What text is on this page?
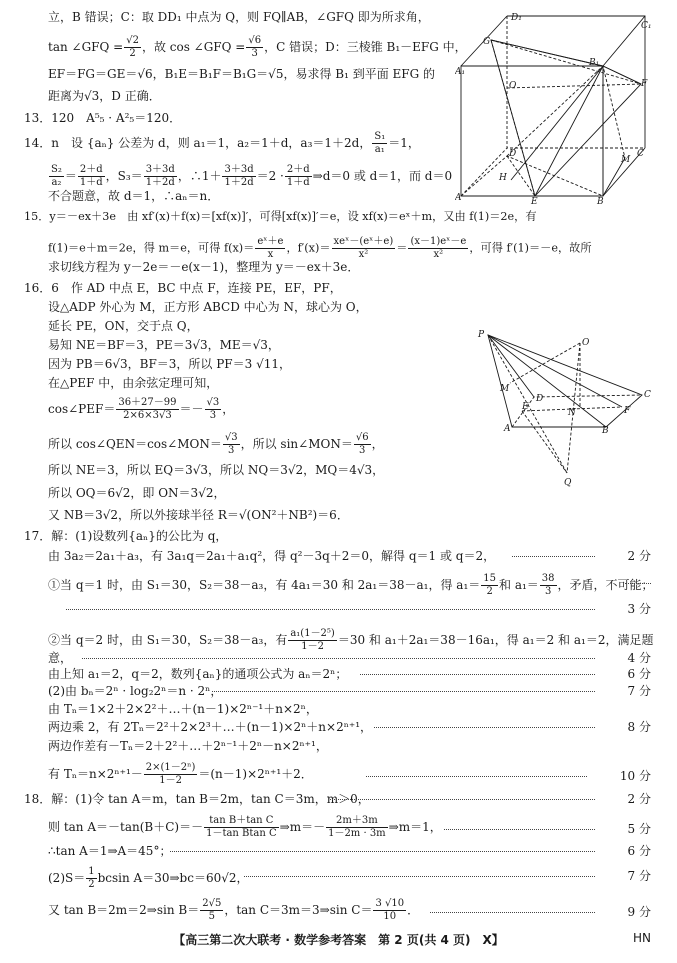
D₁
C₁
G
B₁
A₁
F
O
D	C
H
M
A	E	B
P
O
M
D
E
N	F
C
A	B
Q
立，B 错误；C：取 DD₁ 中点为 Q，则 FQ∥AB，∠GFQ 即为所求角，
tan ∠GFQ = $\frac{√2}{2}$ ，故 cos ∠GFQ = $\frac{√6}{3}$ ，C 错误；D：三棱锥 B₁－EFG 中，
EF＝FG＝GE＝√6，B₁E＝B₁F＝B₁G＝√5，易求得 B₁ 到平面 EFG 的
距离为√3，D 正确．
13．120　A⁵₅ · A²₅＝120．
14．n　设 {aₙ} 公差为 d，则 a₁＝1，a₂＝1＋d，a₃＝1＋2d， $\frac{\text{S₁}}{\text{a₁}} =1$，
$\frac{\text{S₂}}{\text{a₂}} = \frac{2+d}{1+d}$ ，$S_3= \frac{3+3d}{1+2d}$ ，∴1＋ $\frac{3+3d}{1+2d} =2 \cdot \frac{2+d}{1+d}$ ⇒d＝0 或 d＝1，而 d＝0
不合题意，故 d＝1，∴aₙ＝n．
15．y＝－ex＋3e　由 xf′(x)＋f(x)＝[xf(x)]′，可得[xf(x)]′＝e，设 xf(x)＝eˣ＋m，又由 f(1)＝2e，有
f(1)＝e＋m＝2e，得 m＝e，可得 $f(x)= \frac{\text{eˣ＋e}}{x}$ ，$f'(x)= \frac{\text{xeˣ－(eˣ＋e)}}{\text{x²}} = \frac{\text{(x－1)eˣ－e}}{\text{x²}}$ ，可得 f′(1)＝－e，故所
求切线方程为 y－2e＝－e(x－1)，整理为 y＝－ex＋3e．
16．6　作 AD 中点 E，BC 中点 F，连接 PE，EF，PF，
设△ADP 外心为 M，正方形 ABCD 中心为 N，球心为 O，
延长 PE，ON，交于点 Q，
易知 NE＝BF＝3，PE＝3√3，ME＝√3，
因为 PB＝6√3，BF＝3，所以 PF＝3 √11，
在△PEF 中，由余弦定理可知，
cos∠PEF＝ $\frac{36+27-99}{2\times 6\times 3√3} =- \frac{√3}{3}$ ，
所以 cos∠QEN＝cos∠MON＝ $\frac{√3}{3}$ ，所以 sin∠MON＝ $\frac{√6}{3}$ ，
所以 NE＝3，所以 EQ＝3√3，所以 NQ＝3√2，MQ＝4√3，
所以 OQ＝6√2，即 ON＝3√2，
又 NB＝3√2，所以外接球半径 R＝√(ON²＋NB²)＝6．
17．解：(1)设数列{aₙ}的公比为 q，
由 3a₂＝2a₁＋a₃，有 3a₁q＝2a₁＋a₁q²，得 q²－3q＋2＝0，解得 q＝1 或 q＝2，	2 分
①当 q＝1 时，由 S₁＝30，S₂＝38－a₃，有 4a₁＝30 和 2a₁＝38－a₁，得 $a_1= \frac{15}{2}$ 和 $a_1= \frac{38}{3}$ ，矛盾，不可能；
3 分
②当 q＝2 时，由 S₁＝30，S₂＝38－a₃，有 $\frac{\text{a₁(1－2⁵)}}{1-2} =30$ 和 a₁＋2a₁＝38－16a₁，得 a₁＝2 和 a₁＝2，满足题
意，	4 分
由上知 a₁＝2，q＝2，数列{aₙ}的通项公式为 aₙ＝2ⁿ；	6 分
(2)由 bₙ＝2ⁿ · log₂2ⁿ＝n · 2ⁿ，	7 分
由 Tₙ＝1×2＋2×2²＋…＋(n－1)×2ⁿ⁻¹＋n×2ⁿ，
两边乘 2，有 2Tₙ＝2²＋2×2³＋…＋(n－1)×2ⁿ＋n×2ⁿ⁺¹，	8 分
两边作差有－Tₙ＝2＋2²＋…＋2ⁿ⁻¹＋2ⁿ－n×2ⁿ⁺¹，
有 $T_n=n\times 2^{n+1}- \frac{\text{2×(1－2ⁿ)}}{1-2} =(n-1)\times 2^{n+1}+2$．	10 分
18．解：(1)令 tan A＝m，tan B＝2m，tan C＝3m，m＞0，	2 分
则 $\tan A=-\tan(B+C)=- \frac{\text{tan B＋tan C}}{\text{1－tan Btan C}}$ ⇒m＝－ $\frac{2m+3m}{1-2m \cdot 3m}$ ⇒m＝1，	5 分
∴tan A＝1⇒A＝45°；	6 分
$(2)S= \frac{1}{2}$ bcsin A＝30⇒bc＝60√2，	7 分
又 tan B＝2m＝2⇒sin $B= \frac{2√5}{5}$ ，tan C＝3m＝3⇒sin $C= \frac{3 √10}{10}$ ．	9 分
【高三第二次大联考 · 数学参考答案　第 2 页(共 4 页)　X】	HN
